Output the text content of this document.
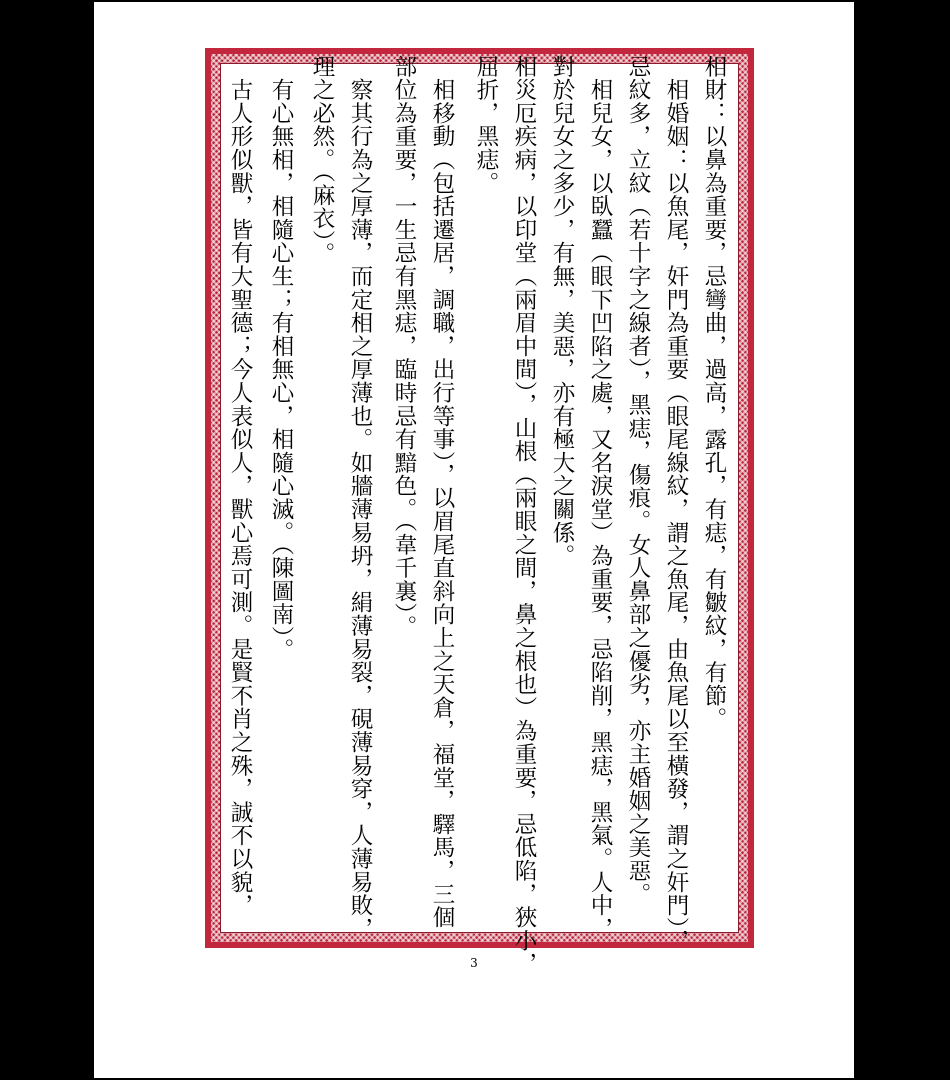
相財：以鼻為重要，忌彎曲，過高，露孔，有痣，有皺紋，有節。
　相婚姻：以魚尾，奸門為重要（眼尾線紋，謂之魚尾，由魚尾以至橫發，謂之奸門），
忌紋多，立紋（若十字之線者），黑痣，傷痕。女人鼻部之優劣，亦主婚姻之美惡。
　相兒女，以臥蠶（眼下凹陷之處，又名淚堂）為重要，忌陷削，黑痣，黑氣。人中，
對於兒女之多少，有無，美惡，亦有極大之關係。
相災厄疾病，以印堂（兩眉中間），山根（兩眼之間，鼻之根也）為重要，忌低陷，狹小，
屈折，黑痣。
　相移動（包括遷居，調職，出行等事），以眉尾直斜向上之天倉，福堂，驛馬，三個
部位為重要，一生忌有黑痣，臨時忌有黯色。（韋千裏）。
　察其行為之厚薄，而定相之厚薄也。如牆薄易坍，絹薄易裂，硯薄易穿，人薄易敗，
理之必然。（麻衣）。
　有心無相，相隨心生；有相無心，相隨心滅。（陳圖南）。
　古人形似獸，皆有大聖德；今人表似人，獸心焉可測。是賢不肖之殊，誠不以貌，
3
